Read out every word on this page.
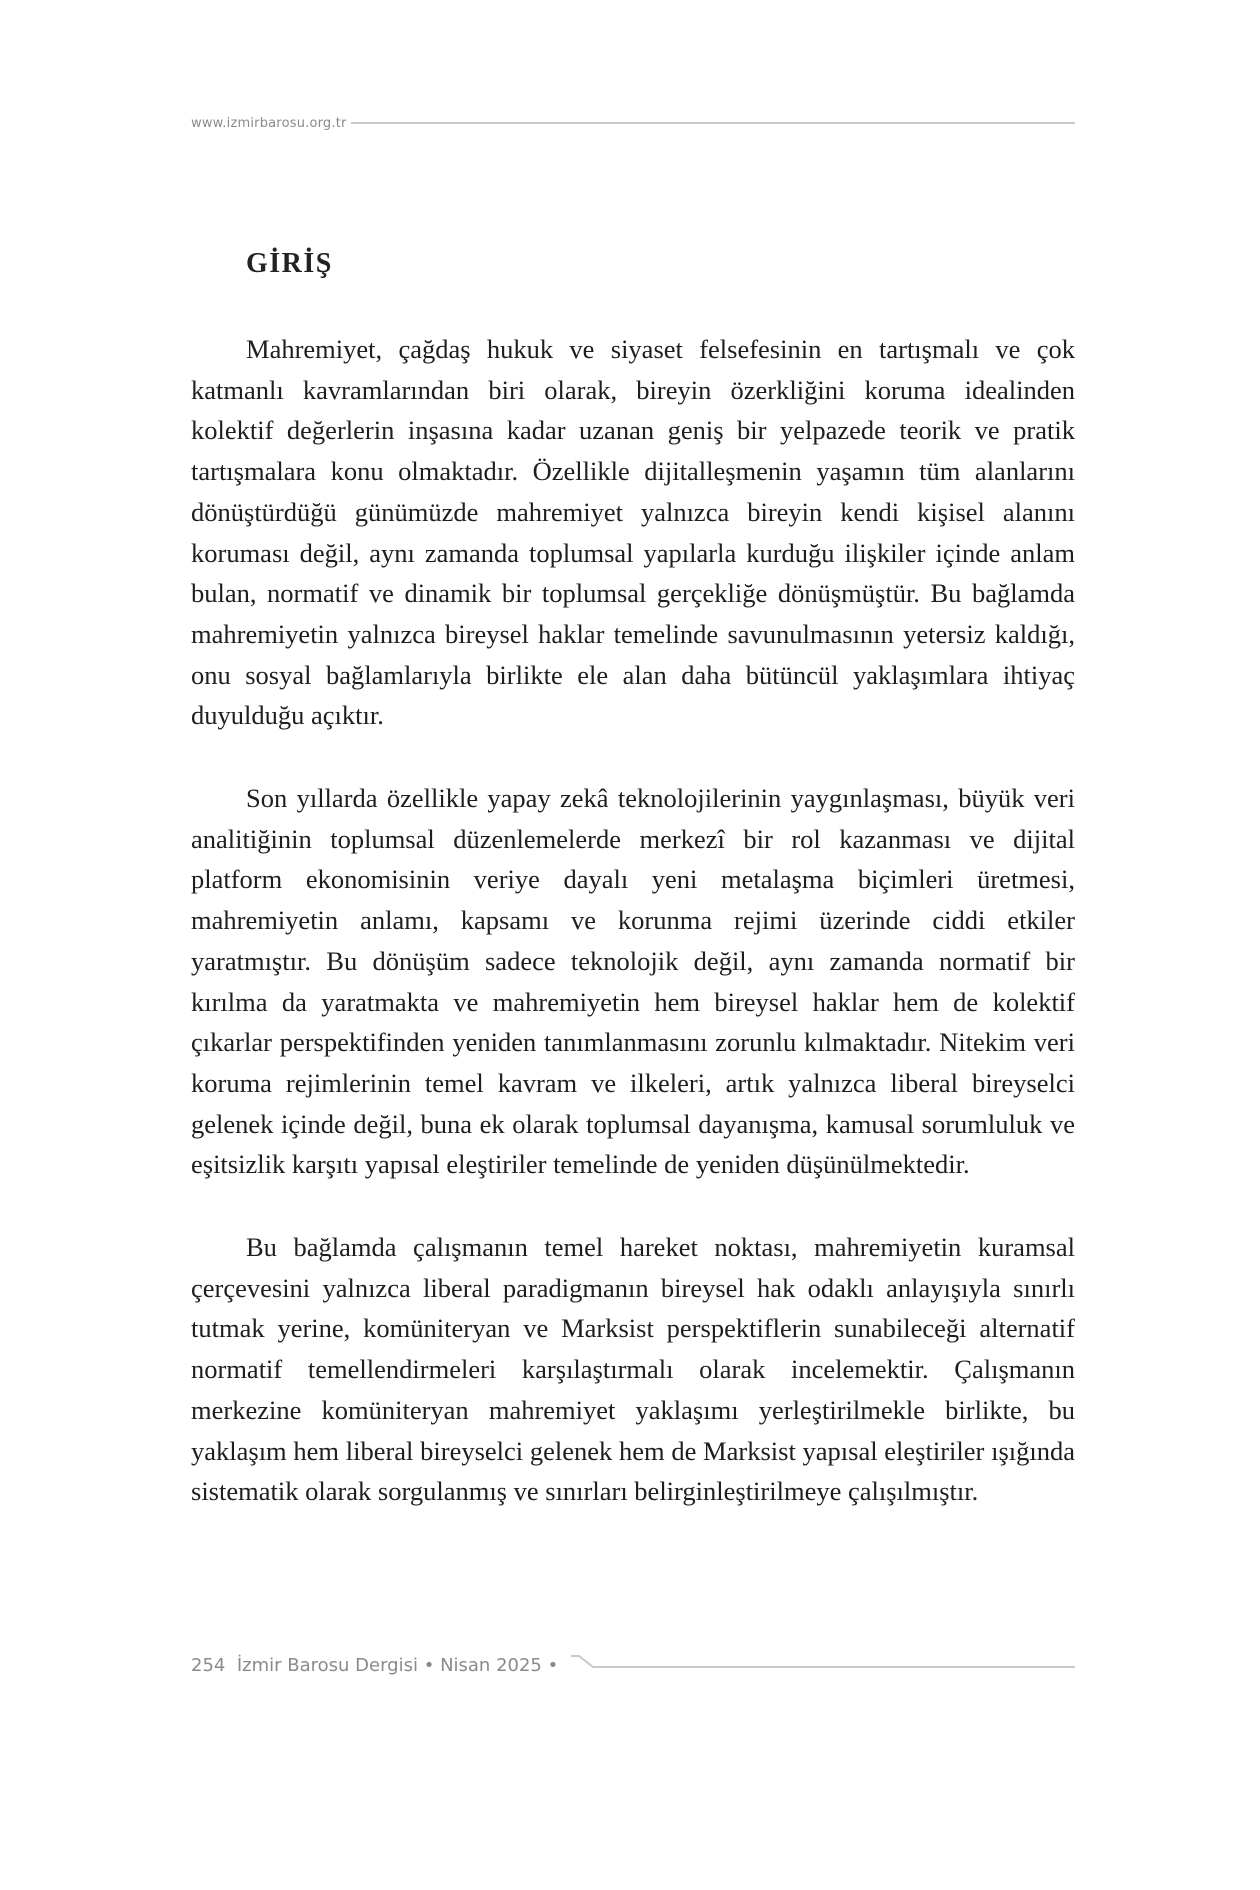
www.izmirbarosu.org.tr
GİRİŞ

Mahremiyet, çağdaş hukuk ve siyaset felsefesinin en tartışmalı ve çok katmanlı kavramlarından biri olarak, bireyin özerkliğini koruma idealinden kolektif değerlerin inşasına kadar uzanan geniş bir yelpazede teorik ve pratik tartışmalara konu olmaktadır. Özellikle dijitalleşmenin yaşamın tüm alanlarını dönüştürdüğü günümüzde mahremiyet yalnızca bireyin kendi kişisel alanını koruması değil, aynı zamanda toplumsal yapılarla kurduğu ilişkiler içinde anlam bulan, normatif ve dinamik bir toplumsal gerçekliğe dönüşmüştür. Bu bağlamda mahremiyetin yalnızca bireysel haklar temelinde savunulmasının yetersiz kaldığı, onu sosyal bağlamlarıyla birlikte ele alan daha bütüncül yaklaşımlara ihtiyaç duyulduğu açıktır.

Son yıllarda özellikle yapay zekâ teknolojilerinin yaygınlaşması, büyük veri analitiğinin toplumsal düzenlemelerde merkezî bir rol kazanması ve dijital platform ekonomisinin veriye dayalı yeni metalaşma biçimleri üretmesi, mahremiyetin anlamı, kapsamı ve korunma rejimi üzerinde ciddi etkiler yaratmıştır. Bu dönüşüm sadece teknolojik değil, aynı zamanda normatif bir kırılma da yaratmakta ve mahremiyetin hem bireysel haklar hem de kolektif çıkarlar perspektifinden yeniden tanımlanmasını zorunlu kılmaktadır. Nitekim veri koruma rejimlerinin temel kavram ve ilkeleri, artık yalnızca liberal bireyselci gelenek içinde değil, buna ek olarak toplumsal dayanışma, kamusal sorumluluk ve eşitsizlik karşıtı yapısal eleştiriler temelinde de yeniden düşünülmektedir.

Bu bağlamda çalışmanın temel hareket noktası, mahremiyetin kuramsal çerçevesini yalnızca liberal paradigmanın bireysel hak odaklı anlayışıyla sınırlı tutmak yerine, komüniteryan ve Marksist perspektiflerin sunabileceği alternatif normatif temellendirmeleri karşılaştırmalı olarak incelemektir. Çalışmanın merkezine komüniteryan mahremiyet yaklaşımı yerleştirilmekle birlikte, bu yaklaşım hem liberal bireyselci gelenek hem de Marksist yapısal eleştiriler ışığında sistematik olarak sorgulanmış ve sınırları belirginleştirilmeye çalışılmıştır.

254 İzmir Barosu Dergisi • Nisan 2025 •
